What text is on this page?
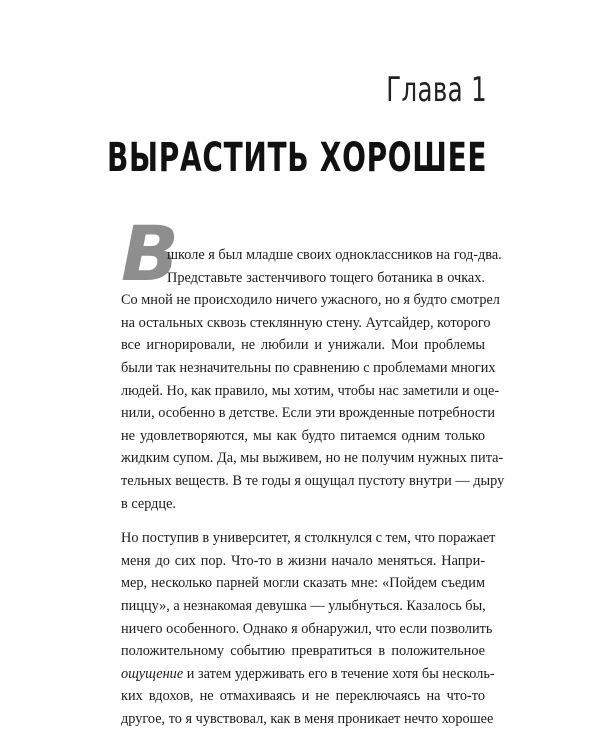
Глава 1
ВЫРАСТИТЬ ХОРОШЕЕ
В

школе я был младше своих одноклассников на год-два.
Представьте застенчивого тощего ботаника в очках.
Со мной не происходило ничего ужасного, но я будто смотрел
на остальных сквозь стеклянную стену. Аутсайдер, которого
все игнорировали, не любили и унижали. Мои проблемы
были так незначительны по сравнению с проблемами многих
людей. Но, как правило, мы хотим, чтобы нас заметили и оце-
нили, особенно в детстве. Если эти врожденные потребности
не удовлетворяются, мы как будто питаемся одним только
жидким супом. Да, мы выживем, но не получим нужных пита-
тельных веществ. В те годы я ощущал пустоту внутри — дыру
в сердце.

Но поступив в университет, я столкнулся с тем, что поражает
меня до сих пор. Что-то в жизни начало меняться. Напри-
мер, несколько парней могли сказать мне: «Пойдем съедим
пиццу», а незнакомая девушка — улыбнуться. Казалось бы,
ничего особенного. Однако я обнаружил, что если позволить
положительному событию превратиться в положительное
ощущение и затем удерживать его в течение хотя бы несколь-
ких вдохов, не отмахиваясь и не переключаясь на что-то
другое, то я чувствовал, как в меня проникает нечто хорошее
